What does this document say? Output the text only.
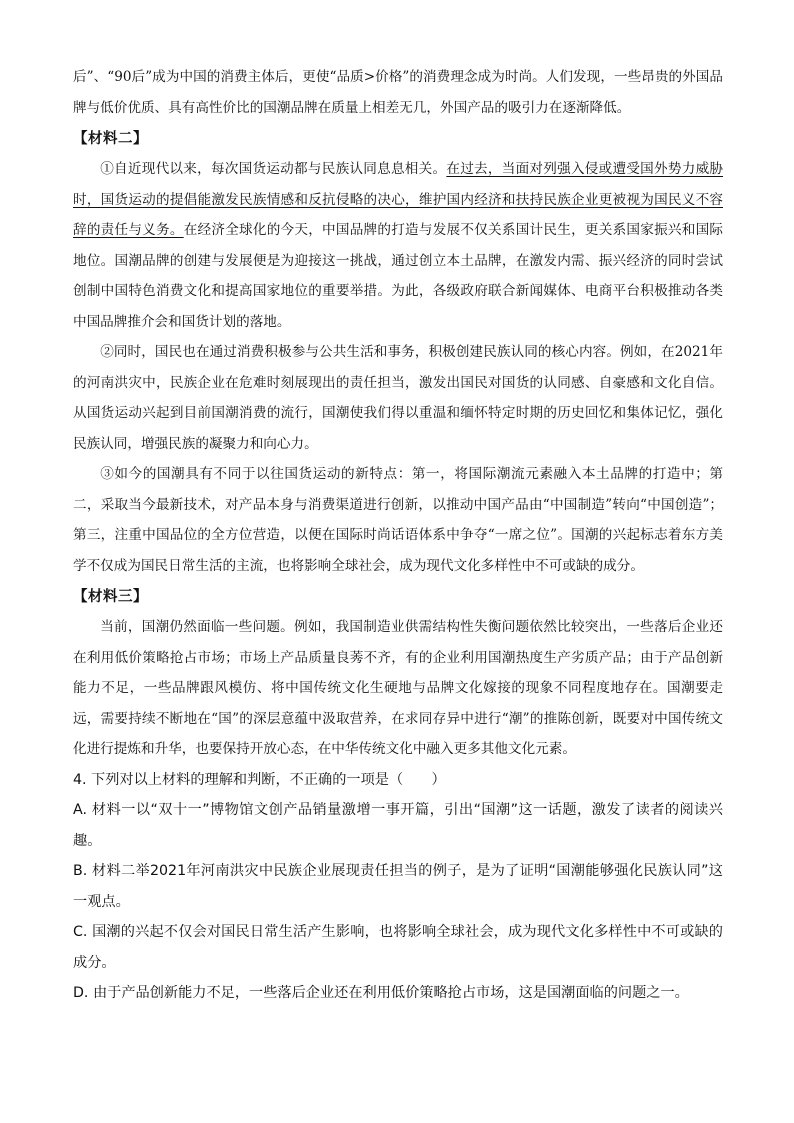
后”、“90后”成为中国的消费主体后，更使“品质>价格”的消费理念成为时尚。人们发现，一些昂贵的外国品牌与低价优质、具有高性价比的国潮品牌在质量上相差无几，外国产品的吸引力在逐渐降低。

【材料二】

①自近现代以来，每次国货运动都与民族认同息息相关。在过去，当面对列强入侵或遭受国外势力威胁时，国货运动的提倡能激发民族情感和反抗侵略的决心，维护国内经济和扶持民族企业更被视为国民义不容辞的责任与义务。在经济全球化的今天，中国品牌的打造与发展不仅关系国计民生，更关系国家振兴和国际地位。国潮品牌的创建与发展便是为迎接这一挑战，通过创立本土品牌，在激发内需、振兴经济的同时尝试创制中国特色消费文化和提高国家地位的重要举措。为此，各级政府联合新闻媒体、电商平台积极推动各类中国品牌推介会和国货计划的落地。

②同时，国民也在通过消费积极参与公共生活和事务，积极创建民族认同的核心内容。例如，在2021年的河南洪灾中，民族企业在危难时刻展现出的责任担当，激发出国民对国货的认同感、自豪感和文化自信。从国货运动兴起到目前国潮消费的流行，国潮使我们得以重温和缅怀特定时期的历史回忆和集体记忆，强化民族认同，增强民族的凝聚力和向心力。

③如今的国潮具有不同于以往国货运动的新特点：第一，将国际潮流元素融入本土品牌的打造中；第二，采取当今最新技术，对产品本身与消费渠道进行创新，以推动中国产品由“中国制造”转向“中国创造”；第三，注重中国品位的全方位营造，以便在国际时尚话语体系中争夺“一席之位”。国潮的兴起标志着东方美学不仅成为国民日常生活的主流，也将影响全球社会，成为现代文化多样性中不可或缺的成分。

【材料三】

当前，国潮仍然面临一些问题。例如，我国制造业供需结构性失衡问题依然比较突出，一些落后企业还在利用低价策略抢占市场；市场上产品质量良莠不齐，有的企业利用国潮热度生产劣质产品；由于产品创新能力不足，一些品牌跟风模仿、将中国传统文化生硬地与品牌文化嫁接的现象不同程度地存在。国潮要走远，需要持续不断地在“国”的深层意蕴中汲取营养，在求同存异中进行“潮”的推陈创新，既要对中国传统文化进行提炼和升华，也要保持开放心态，在中华传统文化中融入更多其他文化元素。

4. 下列对以上材料的理解和判断，不正确的一项是（　　）

A. 材料一以“双十一”博物馆文创产品销量激增一事开篇，引出“国潮”这一话题，激发了读者的阅读兴趣。

B. 材料二举2021年河南洪灾中民族企业展现责任担当的例子，是为了证明“国潮能够强化民族认同”这一观点。

C. 国潮的兴起不仅会对国民日常生活产生影响，也将影响全球社会，成为现代文化多样性中不可或缺的成分。

D. 由于产品创新能力不足，一些落后企业还在利用低价策略抢占市场，这是国潮面临的问题之一。
